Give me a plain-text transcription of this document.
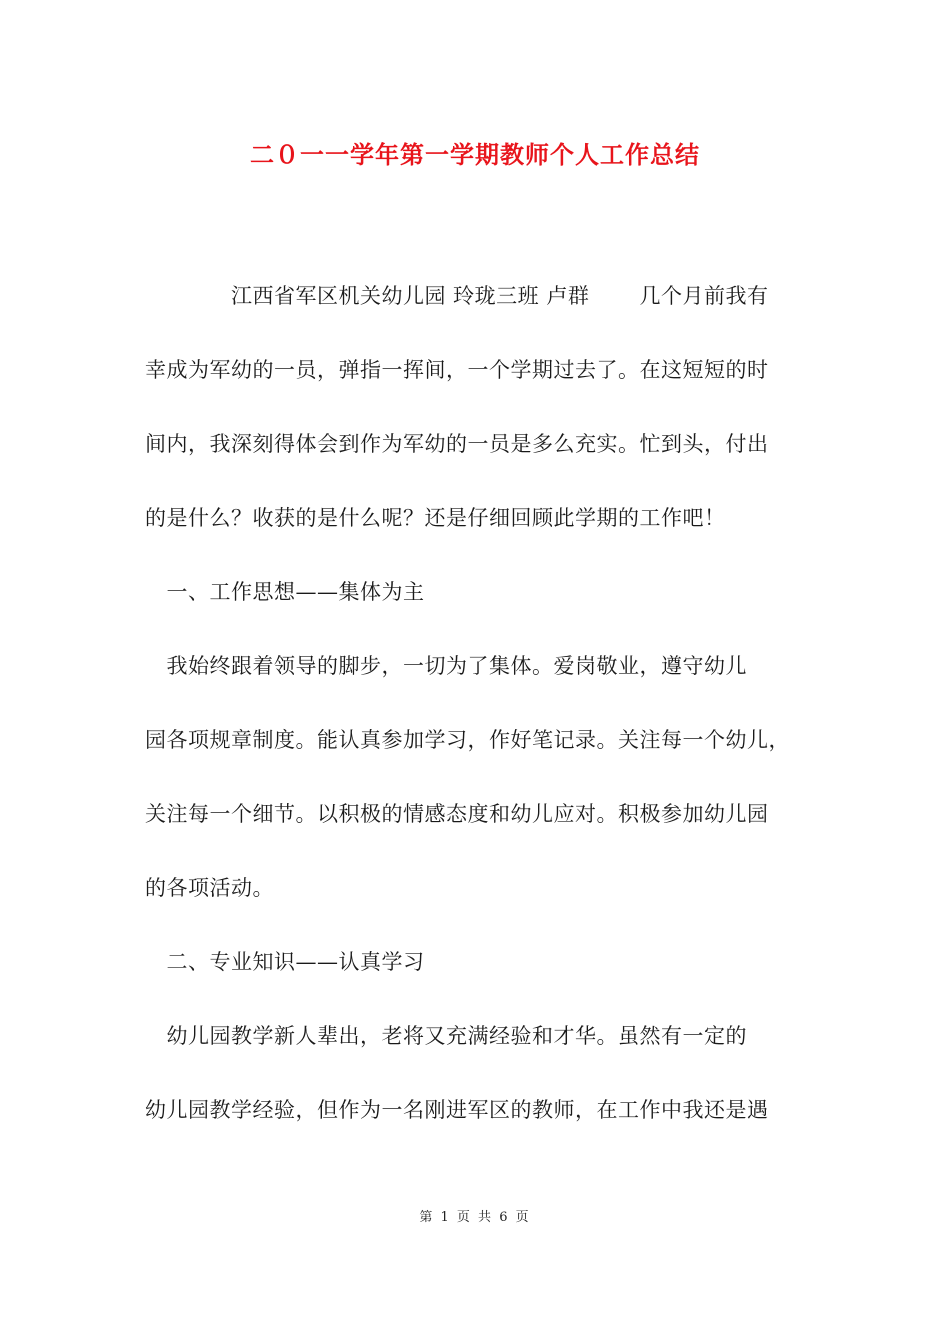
二０一一学年第一学期教师个人工作总结
　　　　江西省军区机关幼儿园 玲珑三班 卢群　　 几个月前我有
幸成为军幼的一员，弹指一挥间，一个学期过去了。在这短短的时
间内，我深刻得体会到作为军幼的一员是多么充实。忙到头，付出
的是什么？收获的是什么呢？还是仔细回顾此学期的工作吧！
　一、工作思想——集体为主
　我始终跟着领导的脚步，一切为了集体。爱岗敬业，遵守幼儿
园各项规章制度。能认真参加学习，作好笔记录。关注每一个幼儿，
关注每一个细节。以积极的情感态度和幼儿应对。积极参加幼儿园
的各项活动。
　二、专业知识——认真学习
　幼儿园教学新人辈出，老将又充满经验和才华。虽然有一定的
幼儿园教学经验，但作为一名刚进军区的教师，在工作中我还是遇
第 1 页 共 6 页
